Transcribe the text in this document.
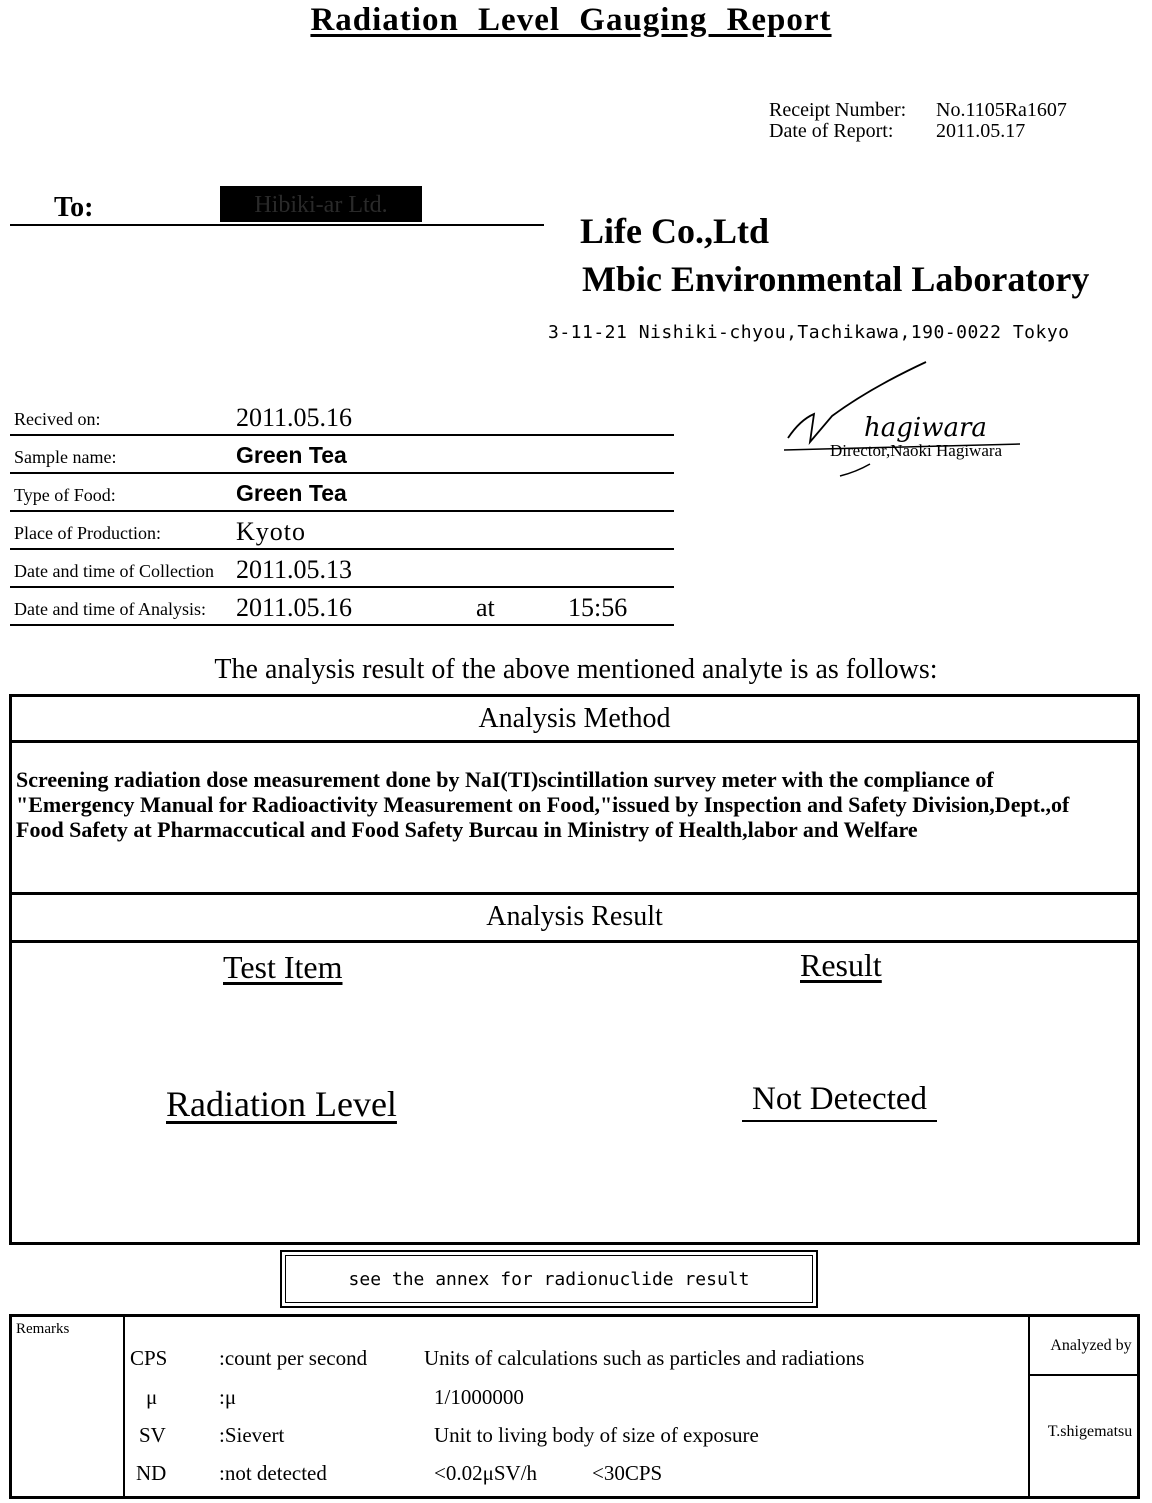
Radiation Level Gauging Report
Receipt Number: No.1105Ra1607
Date of Report: 2011.05.17
To:	Hibiki-ar Ltd.
Life Co.,Ltd
Mbic Environmental Laboratory
3-11-21 Nishiki-chyou,Tachikawa,190-0022 Tokyo
hagiwara
Director,Naoki Hagiwara
Recived on:	2011.05.16
Sample name:	Green Tea
Type of Food:	Green Tea
Place of Production:	Kyoto
Date and time of Collection 2011.05.13
Date and time of Analysis: 2011.05.16	at	15:56
The analysis result of the above mentioned analyte is as follows:
Analysis Method
Screening radiation dose measurement done by NaI(TI)scintillation survey meter with the compliance of "Emergency Manual for Radioactivity Measurement on Food,"issued by Inspection and Safety Division,Dept.,of Food Safety at Pharmaccutical and Food Safety Burcau in Ministry of Health,labor and Welfare
Analysis Result
Test Item	Result
Radiation Level	Not Detected
see the annex for radionuclide result
Remarks
CPS :count per second	Units of calculations such as particles and radiations
μ	:μ	1/1000000
SV	:Sievert	Unit to living body of size of exposure
ND	:not detected	<0.02μSV/h	<30CPS
Analyzed by
T.shigematsu
